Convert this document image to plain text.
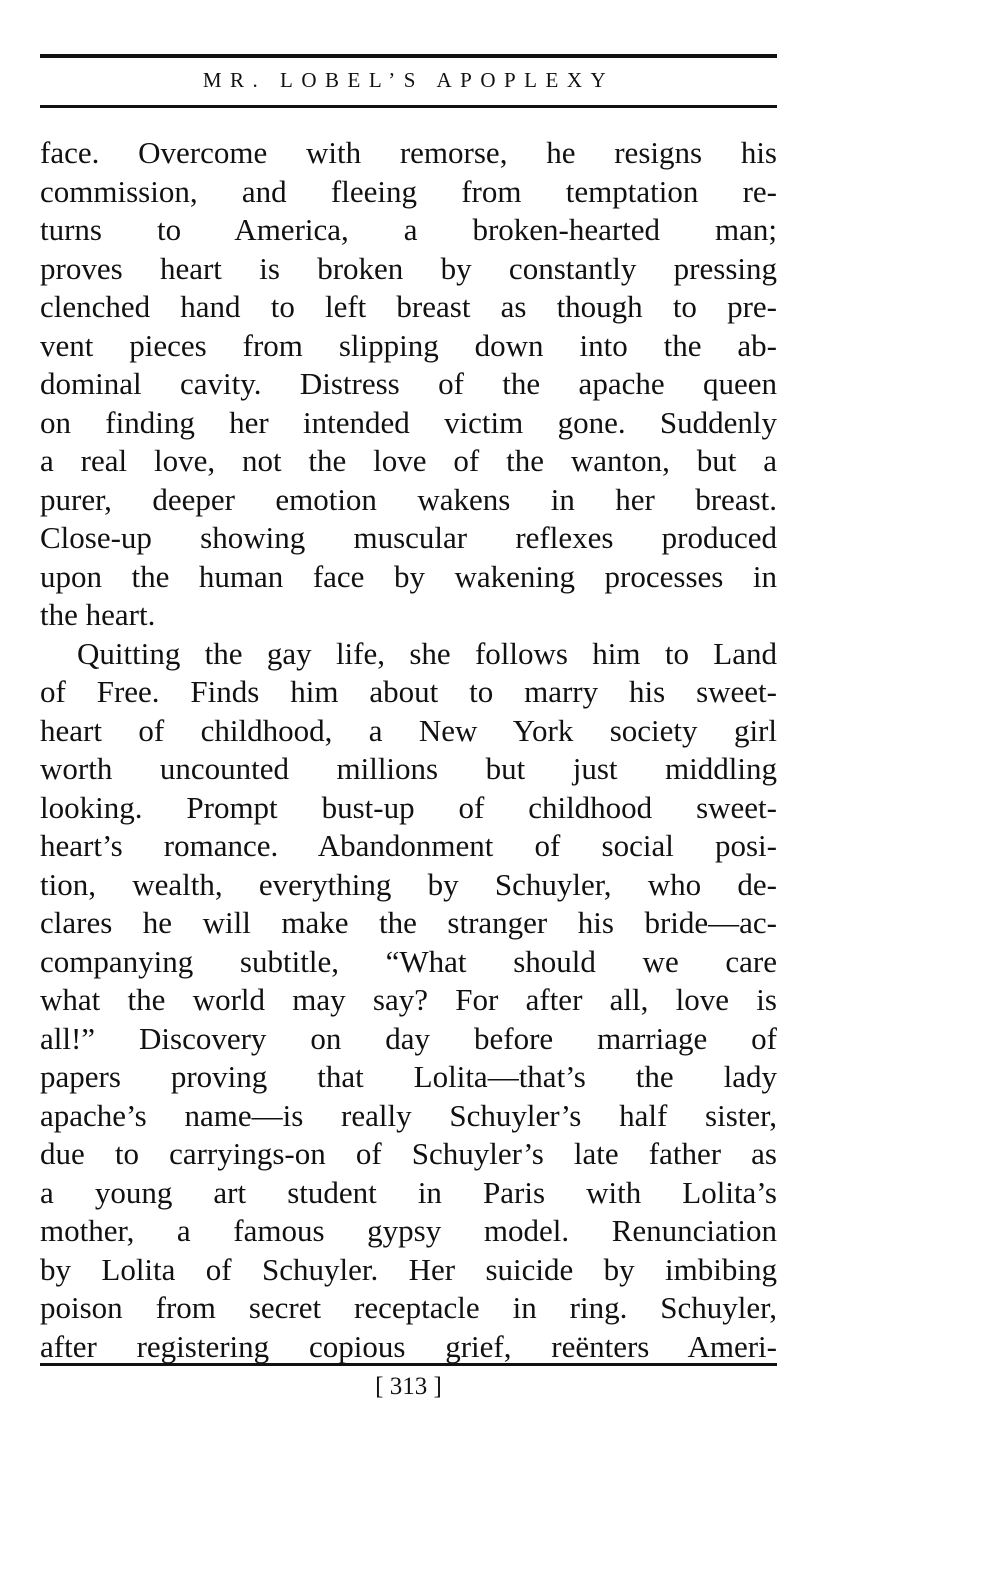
MR. LOBEL’S APOPLEXY
face. Overcome with remorse, he resigns his
commission, and fleeing from temptation re-
turns to America, a broken-hearted man;
proves heart is broken by constantly pressing
clenched hand to left breast as though to pre-
vent pieces from slipping down into the ab-
dominal cavity. Distress of the apache queen
on finding her intended victim gone. Suddenly
a real love, not the love of the wanton, but a
purer, deeper emotion wakens in her breast.
Close-up showing muscular reflexes produced
upon the human face by wakening processes in
the heart.
Quitting the gay life, she follows him to Land
of Free. Finds him about to marry his sweet-
heart of childhood, a New York society girl
worth uncounted millions but just middling
looking. Prompt bust-up of childhood sweet-
heart’s romance. Abandonment of social posi-
tion, wealth, everything by Schuyler, who de-
clares he will make the stranger his bride—ac-
companying subtitle, “What should we care
what the world may say? For after all, love is
all!” Discovery on day before marriage of
papers proving that Lolita—that’s the lady
apache’s name—is really Schuyler’s half sister,
due to carryings-on of Schuyler’s late father as
a young art student in Paris with Lolita’s
mother, a famous gypsy model. Renunciation
by Lolita of Schuyler. Her suicide by imbibing
poison from secret receptacle in ring. Schuyler,
after registering copious grief, reënters Ameri-
[ 313 ]
